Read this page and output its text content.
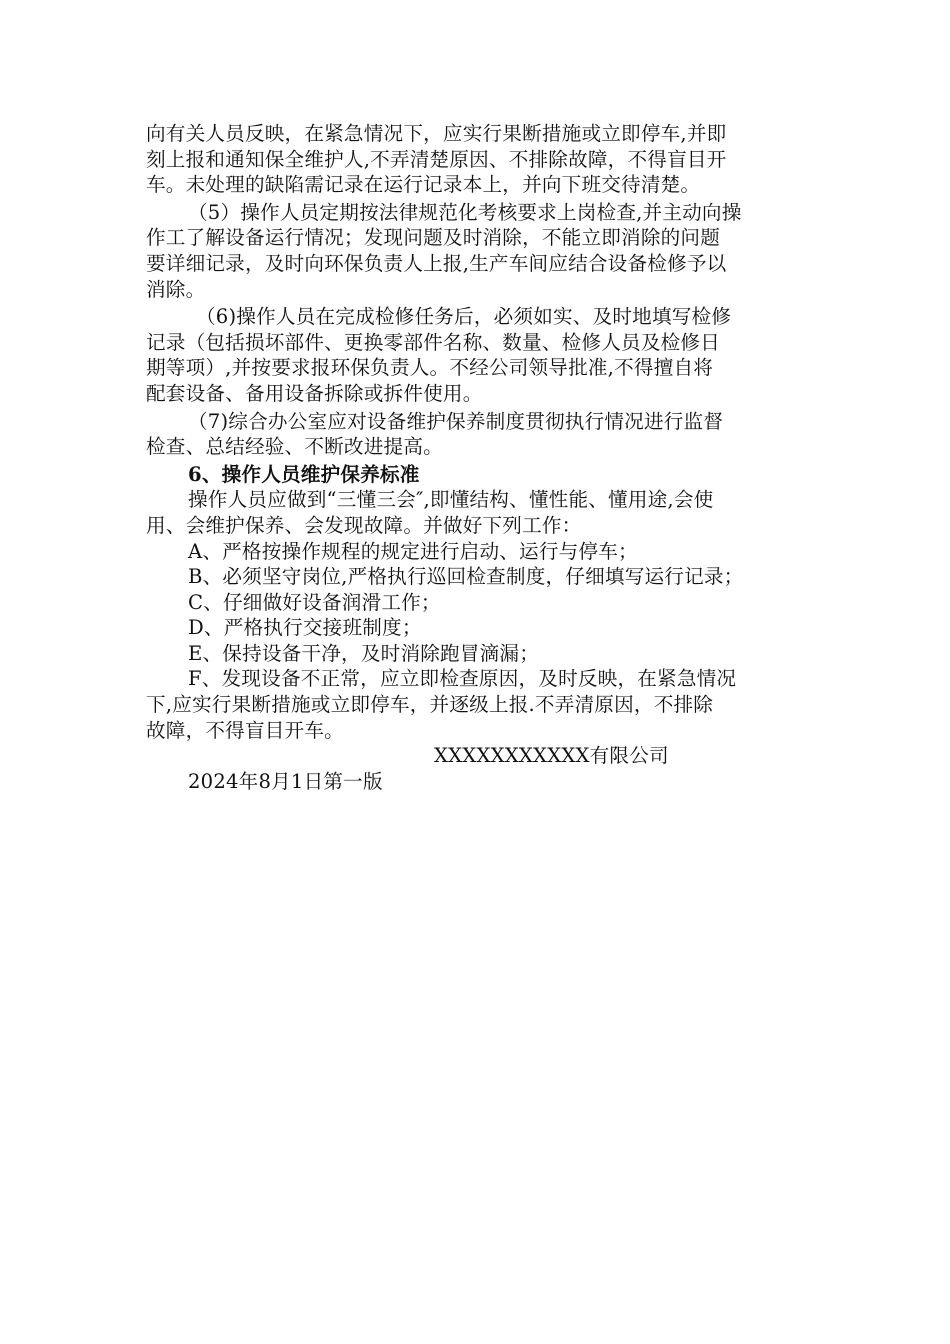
向有关人员反映，在紧急情况下，应实行果断措施或立即停车,并即
刻上报和通知保全维护人,不弄清楚原因、不排除故障，不得盲目开
车。未处理的缺陷需记录在运行记录本上，并向下班交待清楚。
（5）操作人员定期按法律规范化考核要求上岗检查,并主动向操
作工了解设备运行情况；发现问题及时消除，不能立即消除的问题
要详细记录，及时向环保负责人上报,生产车间应结合设备检修予以
消除。
（6)操作人员在完成检修任务后，必须如实、及时地填写检修
记录（包括损坏部件、更换零部件名称、数量、检修人员及检修日
期等项）,并按要求报环保负责人。不经公司领导批准,不得擅自将
配套设备、备用设备拆除或拆件使用。
（7)综合办公室应对设备维护保养制度贯彻执行情况进行监督
检查、总结经验、不断改进提高。
6、操作人员维护保养标准
操作人员应做到“三懂三会″,即懂结构、懂性能、懂用途,会使
用、会维护保养、会发现故障。并做好下列工作：
A、严格按操作规程的规定进行启动、运行与停车；
B、必须坚守岗位,严格执行巡回检查制度，仔细填写运行记录；
C、仔细做好设备润滑工作；
D、严格执行交接班制度；
E、保持设备干净，及时消除跑冒滴漏；
F、发现设备不正常，应立即检查原因，及时反映，在紧急情况
下,应实行果断措施或立即停车，并逐级上报.不弄清原因，不排除
故障，不得盲目开车。
XXXXXXXXXXX有限公司
2024年8月1日第一版
